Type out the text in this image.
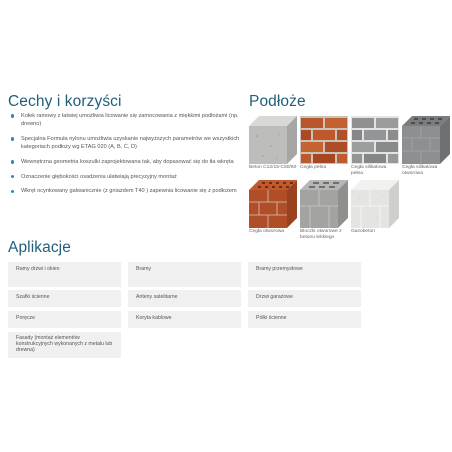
Cechy i korzyści
Kołek ramowy z łatwiej umożliwia licowanie się zamocowania z miękkimi podłożami (np. drewno)
Specjalna Formuła nylonu umożliwia uzyskanie najwyższych parametrów we wszystkich kategoriach podłoży wg ETAG 020 (A, B, C, D)
Wewnętrzna geometria koszulki zaprojektowana tak, aby dopasować się do tła wkręta
Oznaczenie głębokości osadzenia ułatwiają precyzyjny montaż
Wkręt ocynkowany galwanicznie (z gniazdem T40 ) zapewnia licowanie się z podłożem
Podłoże
Beton C12/15-C50/60 Cegła pełna	Cegła silikatowa pełna
Cegła silikatowa otworowa
Cegła otworowa	Bloczki otworowe z betonu lekkiego
Gazobeton
Aplikacje
Ramy drzwi i okien	Bramy	Bramy przemysłowe
Szafki ścienne	Anteny satelitarne	Drzwi garażowe
Poręcze	Koryta kablowe	Półki ścienne
Fasady (montaż elementów konstrukcyjnych wykonanych z metalu lub drewna)
